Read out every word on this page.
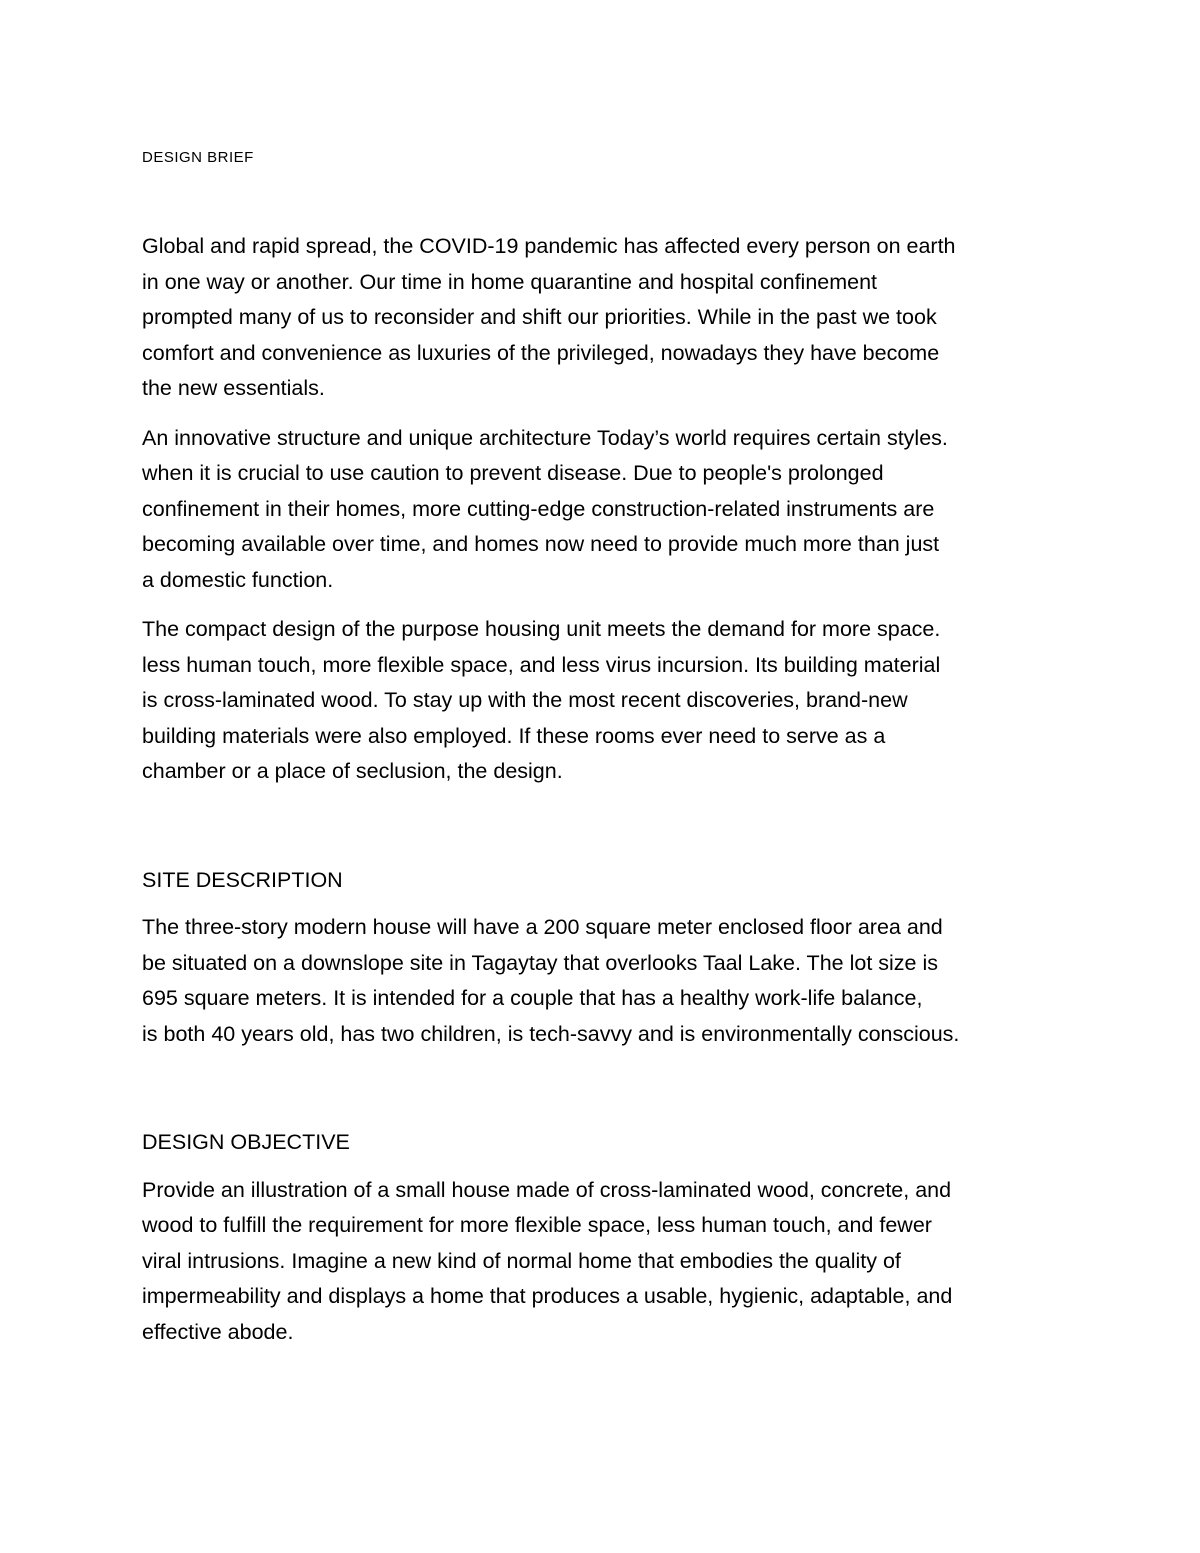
DESIGN BRIEF

Global and rapid spread, the COVID-19 pandemic has affected every person on earth
in one way or another. Our time in home quarantine and hospital confinement
prompted many of us to reconsider and shift our priorities. While in the past we took
comfort and convenience as luxuries of the privileged, nowadays they have become
the new essentials.

An innovative structure and unique architecture Today’s world requires certain styles.
when it is crucial to use caution to prevent disease. Due to people's prolonged
confinement in their homes, more cutting-edge construction-related instruments are
becoming available over time, and homes now need to provide much more than just
a domestic function.

The compact design of the purpose housing unit meets the demand for more space.
less human touch, more flexible space, and less virus incursion. Its building material
is cross-laminated wood. To stay up with the most recent discoveries, brand-new
building materials were also employed. If these rooms ever need to serve as a
chamber or a place of seclusion, the design.

SITE DESCRIPTION

The three-story modern house will have a 200 square meter enclosed floor area and
be situated on a downslope site in Tagaytay that overlooks Taal Lake. The lot size is
695 square meters. It is intended for a couple that has a healthy work-life balance,
is both 40 years old, has two children, is tech-savvy and is environmentally conscious.

DESIGN OBJECTIVE

Provide an illustration of a small house made of cross-laminated wood, concrete, and
wood to fulfill the requirement for more flexible space, less human touch, and fewer
viral intrusions. Imagine a new kind of normal home that embodies the quality of
impermeability and displays a home that produces a usable, hygienic, adaptable, and
effective abode.
